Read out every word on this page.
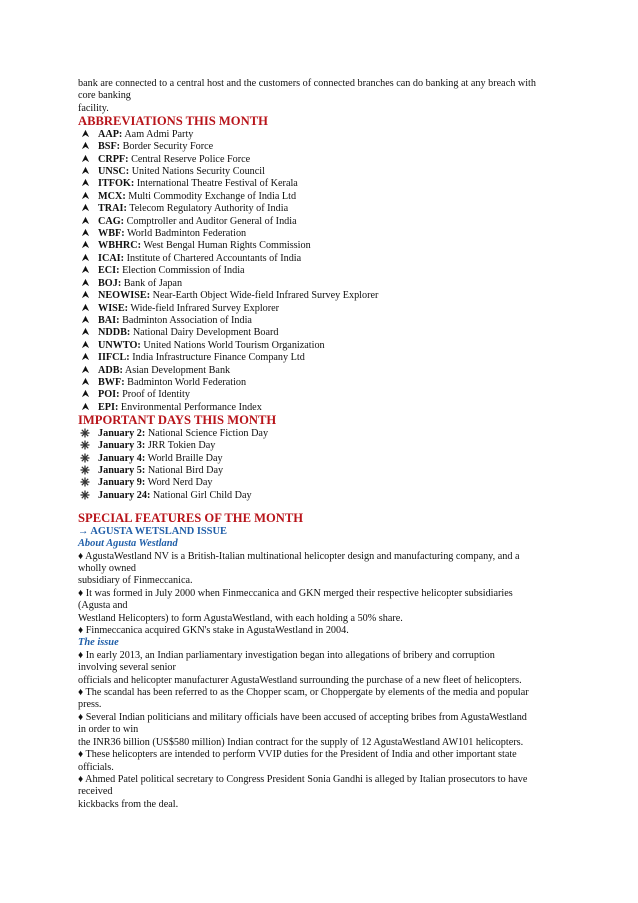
bank are connected to a central host and the customers of connected branches can do banking at any breach with
core banking
facility.
ABBREVIATIONS THIS MONTH
AAP: Aam Admi Party
BSF: Border Security Force
CRPF: Central Reserve Police Force
UNSC: United Nations Security Council
ITFOK: International Theatre Festival of Kerala
MCX: Multi Commodity Exchange of India Ltd
TRAI: Telecom Regulatory Authority of India
CAG: Comptroller and Auditor General of India
WBF: World Badminton Federation
WBHRC: West Bengal Human Rights Commission
ICAI: Institute of Chartered Accountants of India
ECI: Election Commission of India
BOJ: Bank of Japan
NEOWISE: Near-Earth Object Wide-field Infrared Survey Explorer
WISE: Wide-field Infrared Survey Explorer
BAI: Badminton Association of India
NDDB: National Dairy Development Board
UNWTO: United Nations World Tourism Organization
IIFCL: India Infrastructure Finance Company Ltd
ADB: Asian Development Bank
BWF: Badminton World Federation
POI: Proof of Identity
EPI: Environmental Performance Index
IMPORTANT DAYS THIS MONTH
January 2: National Science Fiction Day
January 3: JRR Tokien Day
January 4: World Braille Day
January 5: National Bird Day
January 9: Word Nerd Day
January 24: National Girl Child Day
SPECIAL FEATURES OF THE MONTH
→ AGUSTA WETSLAND ISSUE
About Agusta Westland
♦ AgustaWestland NV is a British-Italian multinational helicopter design and manufacturing company, and a
wholly owned
subsidiary of Finmeccanica.
♦ It was formed in July 2000 when Finmeccanica and GKN merged their respective helicopter subsidiaries
(Agusta and
Westland Helicopters) to form AgustaWestland, with each holding a 50% share.
♦ Finmeccanica acquired GKN's stake in AgustaWestland in 2004.
The issue
♦ In early 2013, an Indian parliamentary investigation began into allegations of bribery and corruption
involving several senior
officials and helicopter manufacturer AgustaWestland surrounding the purchase of a new fleet of helicopters.
♦ The scandal has been referred to as the Chopper scam, or Choppergate by elements of the media and popular
press.
♦ Several Indian politicians and military officials have been accused of accepting bribes from AgustaWestland
in order to win
the INR36 billion (US$580 million) Indian contract for the supply of 12 AgustaWestland AW101 helicopters.
♦ These helicopters are intended to perform VVIP duties for the President of India and other important state
officials.
♦ Ahmed Patel political secretary to Congress President Sonia Gandhi is alleged by Italian prosecutors to have
received
kickbacks from the deal.
